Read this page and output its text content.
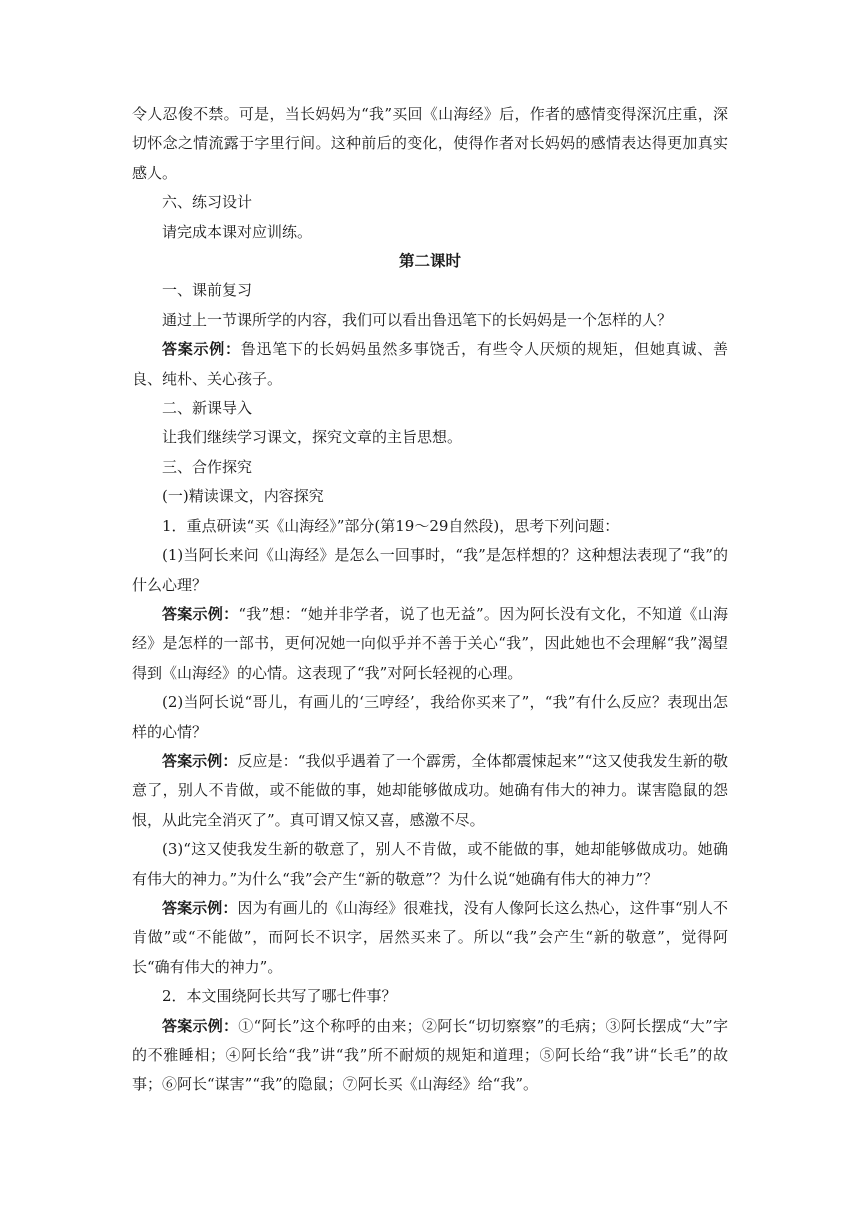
令人忍俊不禁。可是，当长妈妈为“我”买回《山海经》后，作者的感情变得深沉庄重，深切怀念之情流露于字里行间。这种前后的变化，使得作者对长妈妈的感情表达得更加真实感人。

六、练习设计

请完成本课对应训练。

第二课时

一、课前复习

通过上一节课所学的内容，我们可以看出鲁迅笔下的长妈妈是一个怎样的人？

答案示例：鲁迅笔下的长妈妈虽然多事饶舌，有些令人厌烦的规矩，但她真诚、善良、纯朴、关心孩子。

二、新课导入

让我们继续学习课文，探究文章的主旨思想。

三、合作探究

(一)精读课文，内容探究

1．重点研读“买《山海经》”部分(第19～29自然段)，思考下列问题：

(1)当阿长来问《山海经》是怎么一回事时，“我”是怎样想的？这种想法表现了“我”的什么心理？

答案示例：“我”想：“她并非学者，说了也无益”。因为阿长没有文化，不知道《山海经》是怎样的一部书，更何况她一向似乎并不善于关心“我”，因此她也不会理解“我”渴望得到《山海经》的心情。这表现了“我”对阿长轻视的心理。

(2)当阿长说“哥儿，有画儿的‘三哼经’，我给你买来了”，“我”有什么反应？表现出怎样的心情？

答案示例：反应是：“我似乎遇着了一个霹雳，全体都震悚起来”“这又使我发生新的敬意了，别人不肯做，或不能做的事，她却能够做成功。她确有伟大的神力。谋害隐鼠的怨恨，从此完全消灭了”。真可谓又惊又喜，感激不尽。

(3)“这又使我发生新的敬意了，别人不肯做，或不能做的事，她却能够做成功。她确有伟大的神力。”为什么“我”会产生“新的敬意”？为什么说“她确有伟大的神力”？

答案示例：因为有画儿的《山海经》很难找，没有人像阿长这么热心，这件事“别人不肯做”或“不能做”，而阿长不识字，居然买来了。所以“我”会产生“新的敬意”，觉得阿长“确有伟大的神力”。

2．本文围绕阿长共写了哪七件事？

答案示例：①“阿长”这个称呼的由来；②阿长“切切察察”的毛病；③阿长摆成“大”字的不雅睡相；④阿长给“我”讲“我”所不耐烦的规矩和道理；⑤阿长给“我”讲“长毛”的故事；⑥阿长“谋害”“我”的隐鼠；⑦阿长买《山海经》给“我”。
